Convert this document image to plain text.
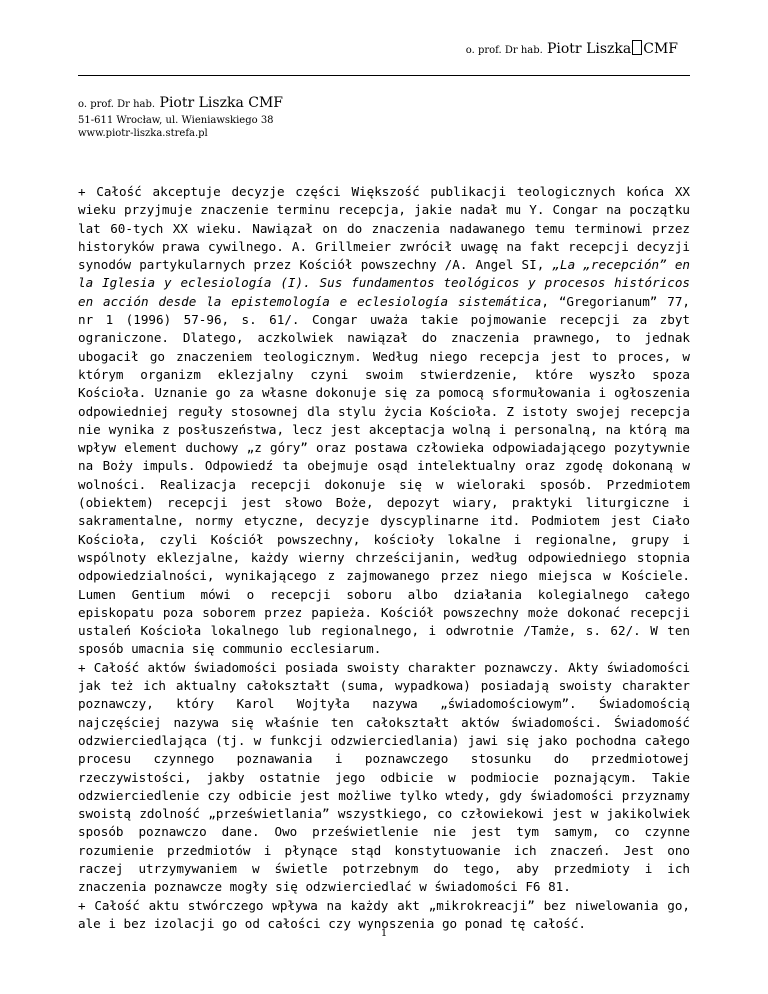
o. prof. Dr hab. Piotr Liszka CMF
o. prof. Dr hab. Piotr Liszka CMF
51-611 Wrocław, ul. Wieniawskiego 38
www.piotr-liszka.strefa.pl

+ Całość akceptuje decyzje części Większość publikacji teologicznych końca XX wieku przyjmuje znaczenie terminu recepcja, jakie nadał mu Y. Congar na początku lat 60-tych XX wieku. Nawiązał on do znaczenia nadawanego temu terminowi przez historyków prawa cywilnego. A. Grillmeier zwrócił uwagę na fakt recepcji decyzji synodów partykularnych przez Kościół powszechny /A. Angel SI, „La „recepción” en la Iglesia y eclesiología (I). Sus fundamentos teológicos y procesos históricos en acción desde la epistemología e eclesiología sistemática, “Gregorianum” 77, nr 1 (1996) 57-96, s. 61/. Congar uważa takie pojmowanie recepcji za zbyt ograniczone. Dlatego, aczkolwiek nawiązał do znaczenia prawnego, to jednak ubogacił go znaczeniem teologicznym. Według niego recepcja jest to proces, w którym organizm eklezjalny czyni swoim stwierdzenie, które wyszło spoza Kościoła. Uznanie go za własne dokonuje się za pomocą sformułowania i ogłoszenia odpowiedniej reguły stosownej dla stylu życia Kościoła. Z istoty swojej recepcja nie wynika z posłuszeństwa, lecz jest akceptacja wolną i personalną, na którą ma wpływ element duchowy „z góry” oraz postawa człowieka odpowiadającego pozytywnie na Boży impuls. Odpowiedź ta obejmuje osąd intelektualny oraz zgodę dokonaną w wolności. Realizacja recepcji dokonuje się w wieloraki sposób. Przedmiotem (obiektem) recepcji jest słowo Boże, depozyt wiary, praktyki liturgiczne i sakramentalne, normy etyczne, decyzje dyscyplinarne itd. Podmiotem jest Ciało Kościoła, czyli Kościół powszechny, kościoły lokalne i regionalne, grupy i wspólnoty eklezjalne, każdy wierny chrześcijanin, według odpowiedniego stopnia odpowiedzialności, wynikającego z zajmowanego przez niego miejsca w Kościele. Lumen Gentium mówi o recepcji soboru albo działania kolegialnego całego episkopatu poza soborem przez papieża. Kościół powszechny może dokonać recepcji ustaleń Kościoła lokalnego lub regionalnego, i odwrotnie /Tamże, s. 62/. W ten sposób umacnia się communio ecclesiarum.

+ Całość aktów świadomości posiada swoisty charakter poznawczy. Akty świadomości jak też ich aktualny całokształt (suma, wypadkowa) posiadają swoisty charakter poznawczy, który Karol Wojtyła nazywa „świadomościowym”. Świadomością najczęściej nazywa się właśnie ten całokształt aktów świadomości. Świadomość odzwierciedlająca (tj. w funkcji odzwierciedlania) jawi się jako pochodna całego procesu czynnego poznawania i poznawczego stosunku do przedmiotowej rzeczywistości, jakby ostatnie jego odbicie w podmiocie poznającym. Takie odzwierciedlenie czy odbicie jest możliwe tylko wtedy, gdy świadomości przyznamy swoistą zdolność „prześwietlania” wszystkiego, co człowiekowi jest w jakikolwiek sposób poznawczo dane. Owo prześwietlenie nie jest tym samym, co czynne rozumienie przedmiotów i płynące stąd konstytuowanie ich znaczeń. Jest ono raczej utrzymywaniem w świetle potrzebnym do tego, aby przedmioty i ich znaczenia poznawcze mogły się odzwierciedlać w świadomości F6 81.

+ Całość aktu stwórczego wpływa na każdy akt „mikrokreacji” bez niwelowania go, ale i bez izolacji go od całości czy wynoszenia go ponad tę całość.

1
